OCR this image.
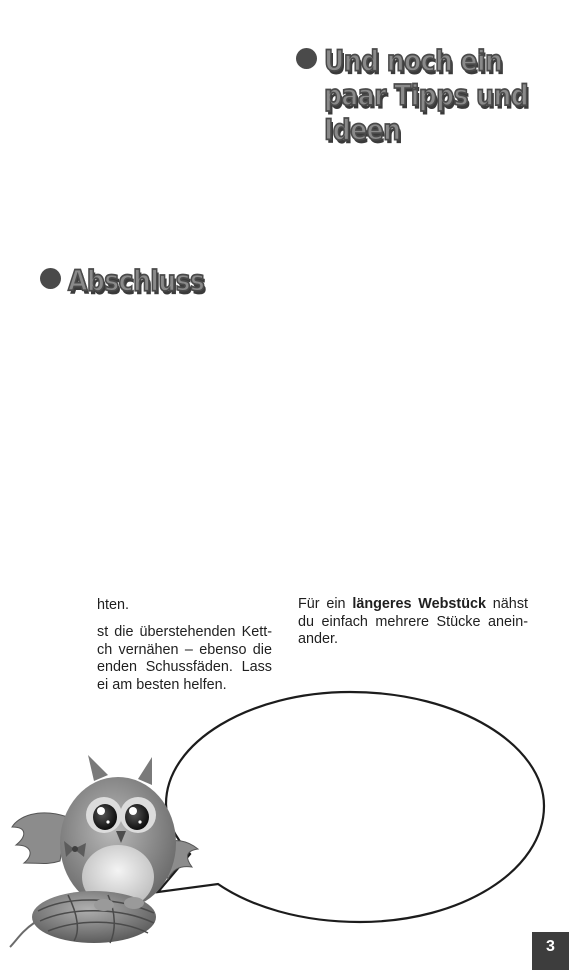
Und noch ein paar Tipps und Ideen
Abschluss
hten.
st die überstehenden Kett-
ch vernähen – ebenso die
enden Schussfäden. Lass
ei am besten helfen.
Für ein längeres Webstück nähst
du einfach mehrere Stücke anein-
ander.
3
